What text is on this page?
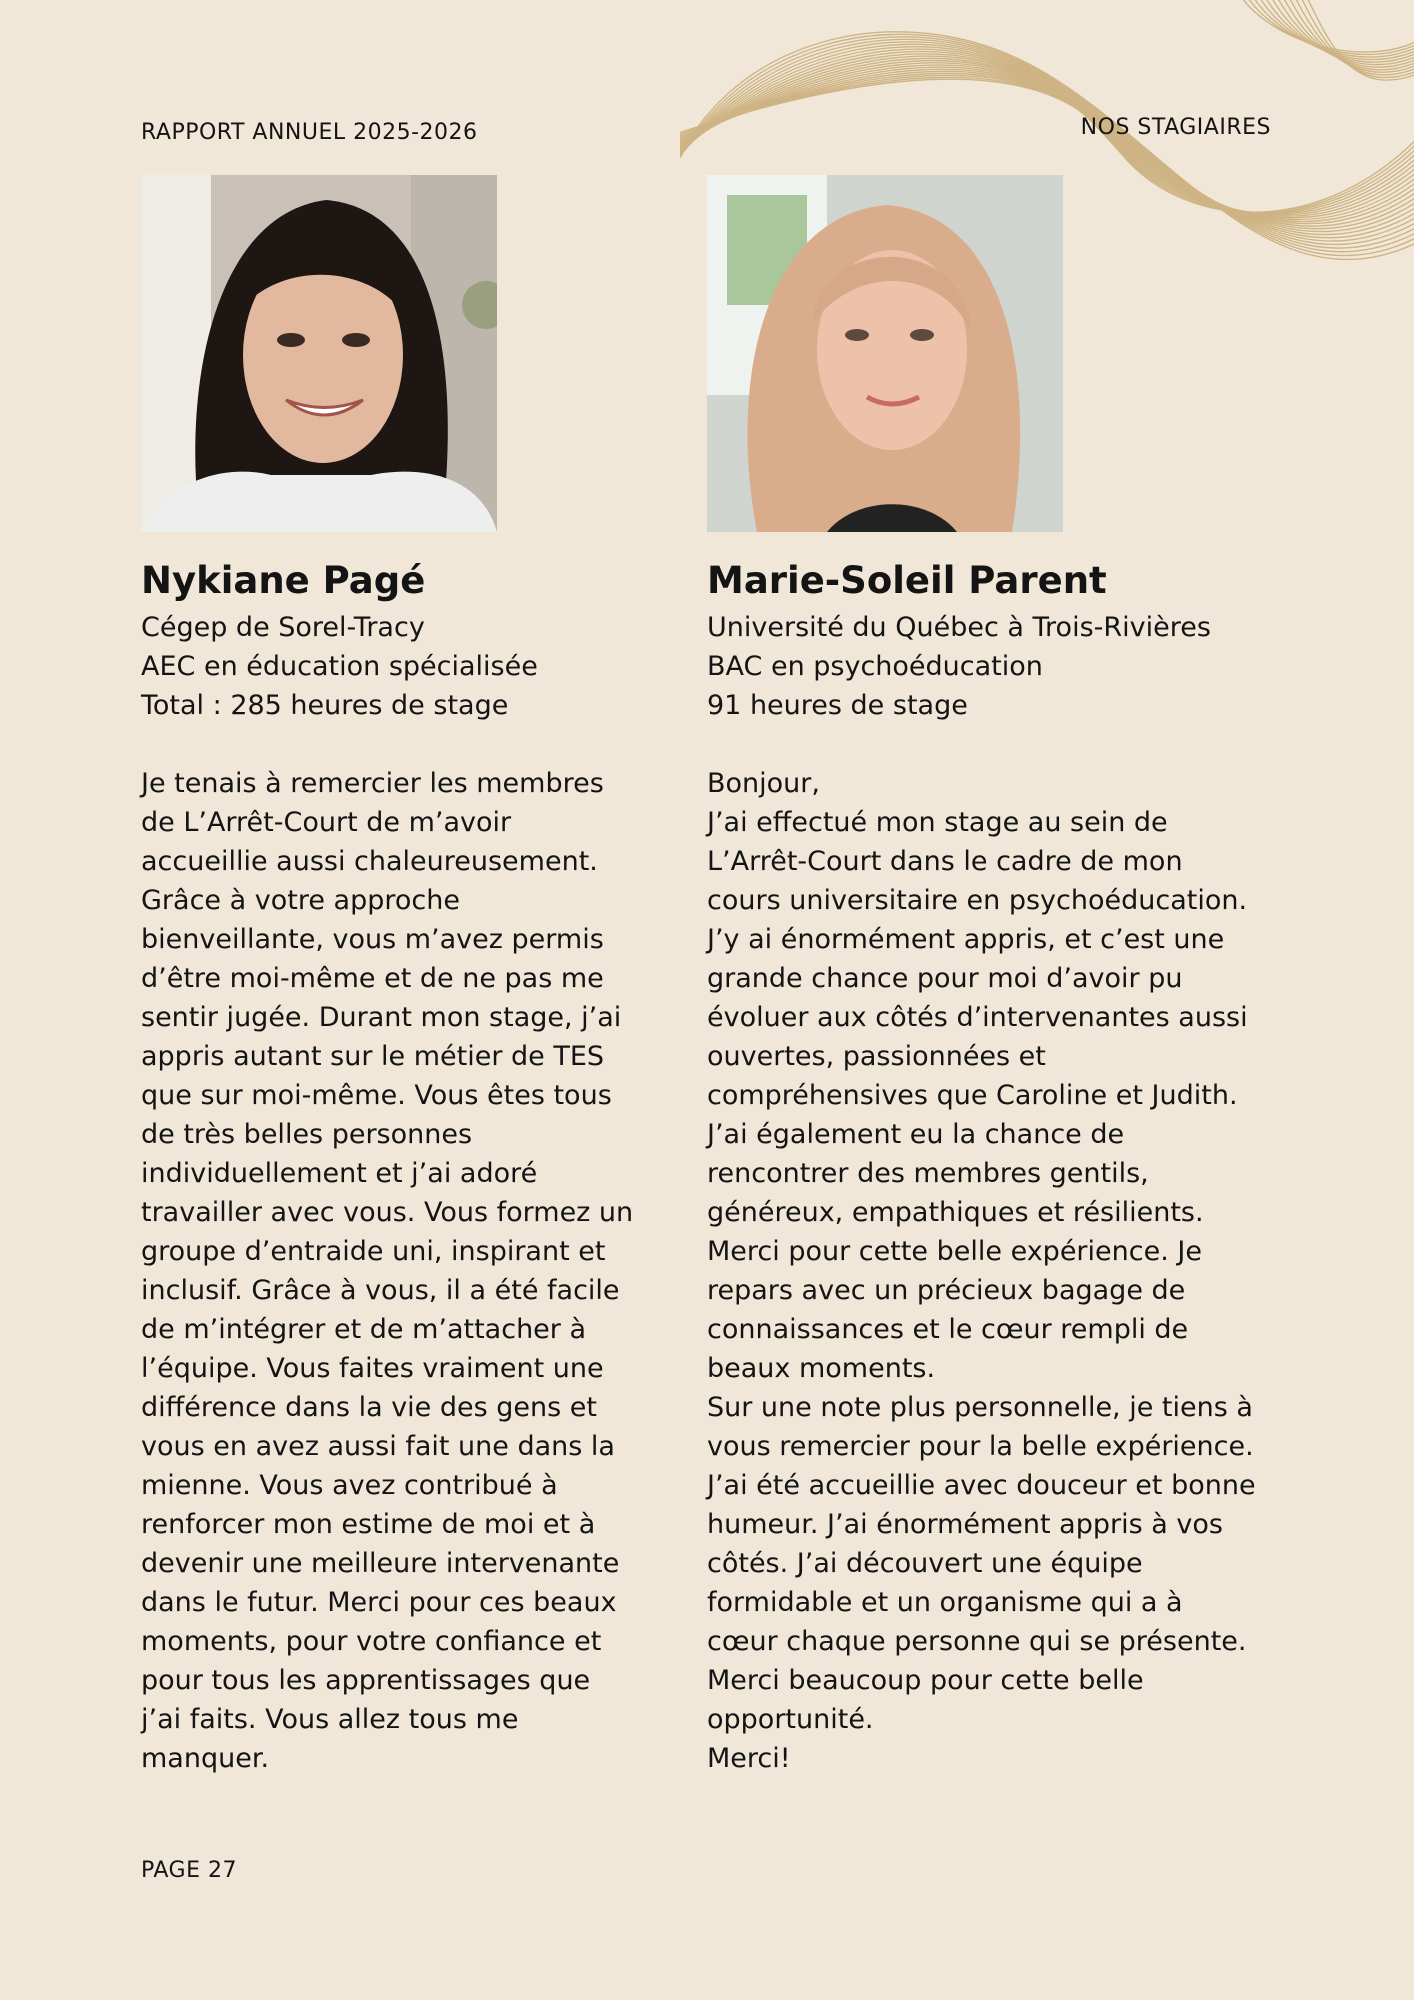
RAPPORT ANNUEL 2025-2026	NOS STAGIAIRES
Nykiane Pagé
Cégep de Sorel-Tracy
AEC en éducation spécialisée
Total : 285 heures de stage

Je tenais à remercier les membres

de L’Arrêt-Court de m’avoir

accueillie aussi chaleureusement.

Grâce à votre approche

bienveillante, vous m’avez permis

d’être moi-même et de ne pas me

sentir jugée. Durant mon stage, j’ai

appris autant sur le métier de TES

que sur moi-même. Vous êtes tous

de très belles personnes

individuellement et j’ai adoré

travailler avec vous. Vous formez un

groupe d’entraide uni, inspirant et

inclusif. Grâce à vous, il a été facile

de m’intégrer et de m’attacher à

l’équipe. Vous faites vraiment une

différence dans la vie des gens et

vous en avez aussi fait une dans la

mienne. Vous avez contribué à

renforcer mon estime de moi et à

devenir une meilleure intervenante

dans le futur. Merci pour ces beaux

moments, pour votre confiance et

pour tous les apprentissages que

j’ai faits. Vous allez tous me

manquer.

Marie-Soleil Parent
Université du Québec à Trois-Rivières
BAC en psychoéducation
91 heures de stage

Bonjour,

J’ai effectué mon stage au sein de

L’Arrêt-Court dans le cadre de mon

cours universitaire en psychoéducation.

J’y ai énormément appris, et c’est une

grande chance pour moi d’avoir pu

évoluer aux côtés d’intervenantes aussi

ouvertes, passionnées et

compréhensives que Caroline et Judith.

J’ai également eu la chance de

rencontrer des membres gentils,

généreux, empathiques et résilients.

Merci pour cette belle expérience. Je

repars avec un précieux bagage de

connaissances et le cœur rempli de

beaux moments.

Sur une note plus personnelle, je tiens à

vous remercier pour la belle expérience.

J’ai été accueillie avec douceur et bonne

humeur. J’ai énormément appris à vos

côtés. J’ai découvert une équipe

formidable et un organisme qui a à

cœur chaque personne qui se présente.

Merci beaucoup pour cette belle

opportunité.

Merci!

PAGE 27
